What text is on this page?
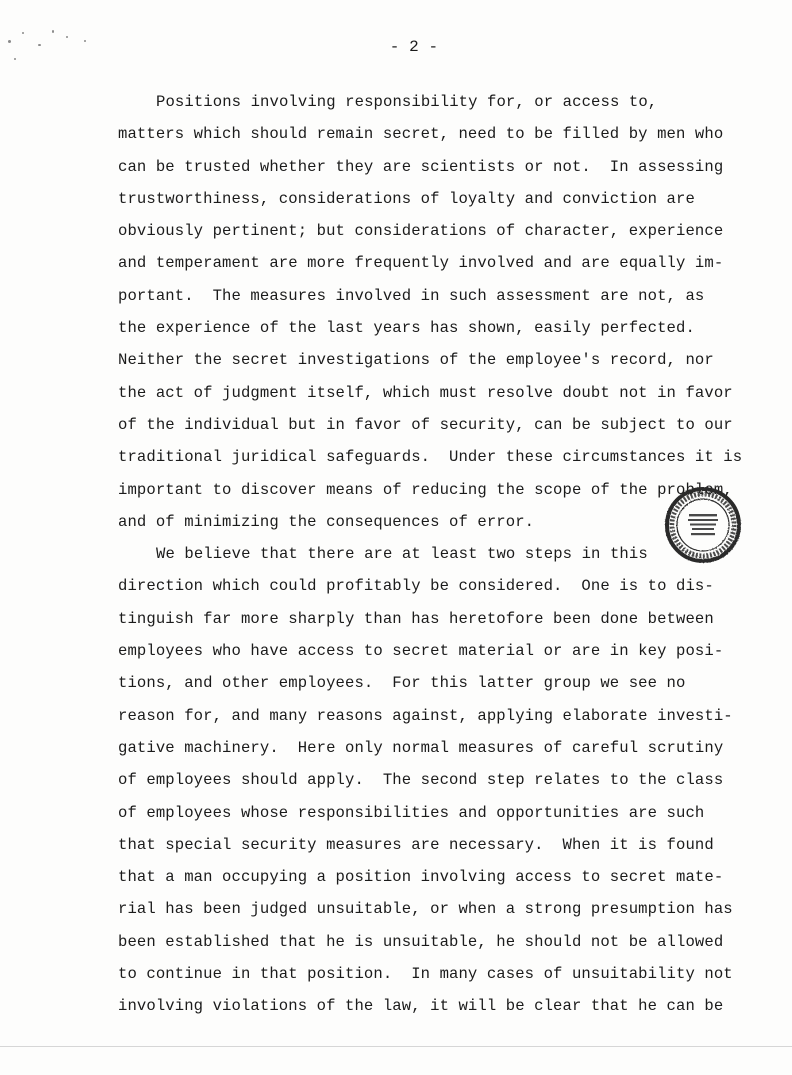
- 2 -
Positions involving responsibility for, or access to,
matters which should remain secret, need to be filled by men who
can be trusted whether they are scientists or not.  In assessing
trustworthiness, considerations of loyalty and conviction are
obviously pertinent; but considerations of character, experience
and temperament are more frequently involved and are equally im-
portant.  The measures involved in such assessment are not, as
the experience of the last years has shown, easily perfected.
Neither the secret investigations of the employee's record, nor
the act of judgment itself, which must resolve doubt not in favor
of the individual but in favor of security, can be subject to our
traditional juridical safeguards.  Under these circumstances it is
important to discover means of reducing the scope of the problem,
and of minimizing the consequences of error.
We believe that there are at least two steps in this
direction which could profitably be considered.  One is to dis-
tinguish far more sharply than has heretofore been done between
employees who have access to secret material or are in key posi-
tions, and other employees.  For this latter group we see no
reason for, and many reasons against, applying elaborate investi-
gative machinery.  Here only normal measures of careful scrutiny
of employees should apply.  The second step relates to the class
of employees whose responsibilities and opportunities are such
that special security measures are necessary.  When it is found
that a man occupying a position involving access to secret mate-
rial has been judged unsuitable, or when a strong presumption has
been established that he is unsuitable, he should not be allowed
to continue in that position.  In many cases of unsuitability not
involving violations of the law, it will be clear that he can be
